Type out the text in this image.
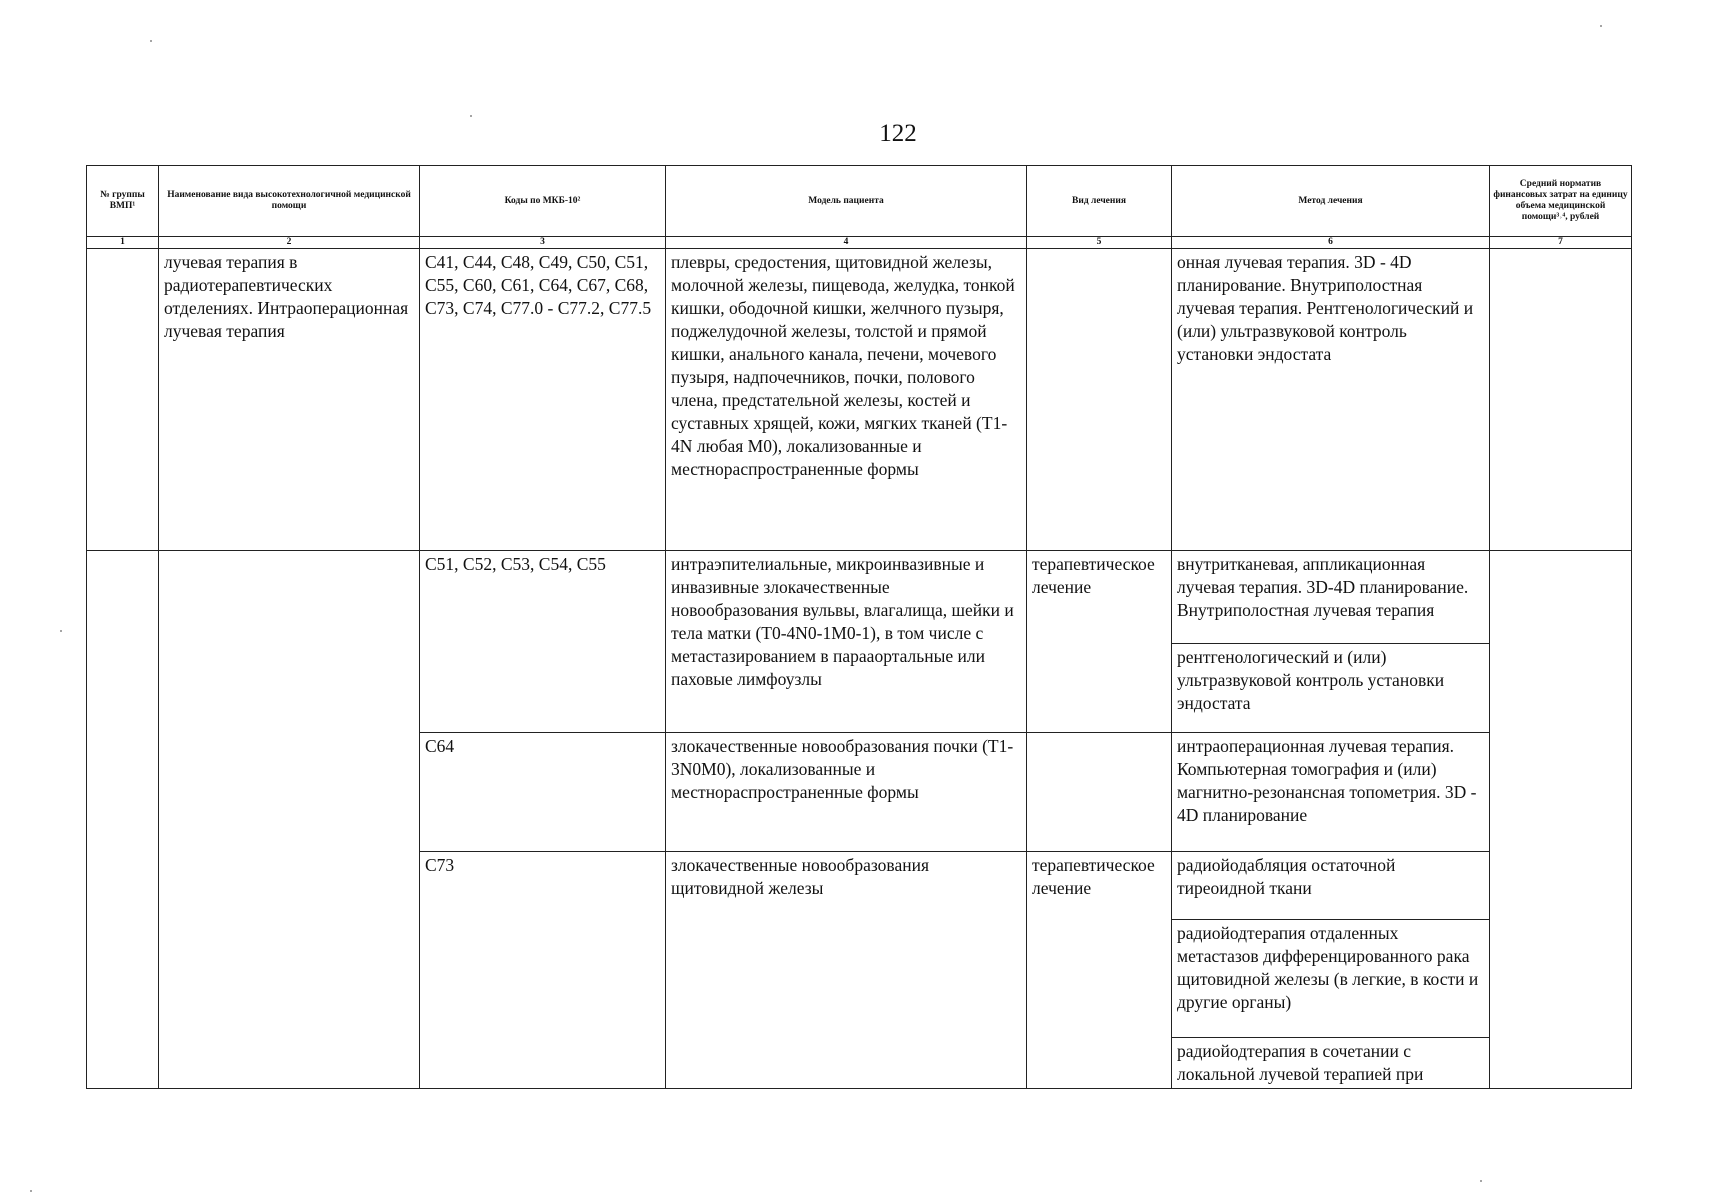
122
№ группы ВМП¹	Наименование вида высокотехнологичной медицинской помощи	Коды по МКБ-10²	Модель пациента	Вид лечения	Метод лечения	Средний норматив финансовых затрат на единицу объема медицинской помощи³˒⁴, рублей
1	2	3	4	5	6	7
	лучевая терапия в радиотерапевтических отделениях. Интраоперационная лучевая терапия	C41, C44, C48, C49, C50, C51, C55, C60, C61, C64, C67, C68, C73, C74, C77.0 - C77.2, C77.5	плевры, средостения, щитовидной железы, молочной железы, пищевода, желудка, тонкой кишки, ободочной кишки, желчного пузыря, поджелудочной железы, толстой и прямой кишки, анального канала, печени, мочевого пузыря, надпочечников, почки, полового члена, предстательной железы, костей и суставных хрящей, кожи, мягких тканей (T1-4N любая M0), локализованные и местнораспространенные формы		онная лучевая терапия. 3D - 4D планирование. Внутриполостная лучевая терапия. Рентгенологический и (или) ультразвуковой контроль установки эндостата	
		C51, C52, C53, C54, C55	интраэпителиальные, микроинвазивные и инвазивные злокачественные новообразования вульвы, влагалища, шейки и тела матки (T0-4N0-1M0-1), в том числе с метастазированием в парааортальные или паховые лимфоузлы	терапевтическое лечение	внутритканевая, аппликационная лучевая терапия. 3D-4D планирование. Внутриполостная лучевая терапия	
					рентгенологический и (или) ультразвуковой контроль установки эндостата	
		C64	злокачественные новообразования почки (T1-3N0M0), локализованные и местнораспространенные формы		интраоперационная лучевая терапия. Компьютерная томография и (или) магнитно-резонансная топометрия. 3D - 4D планирование	
		C73	злокачественные новообразования щитовидной железы	терапевтическое лечение	радиойодабляция остаточной тиреоидной ткани	
					радиойодтерапия отдаленных метастазов дифференцированного рака щитовидной железы (в легкие, в кости и другие органы)	
					радиойодтерапия в сочетании с локальной лучевой терапией при	
